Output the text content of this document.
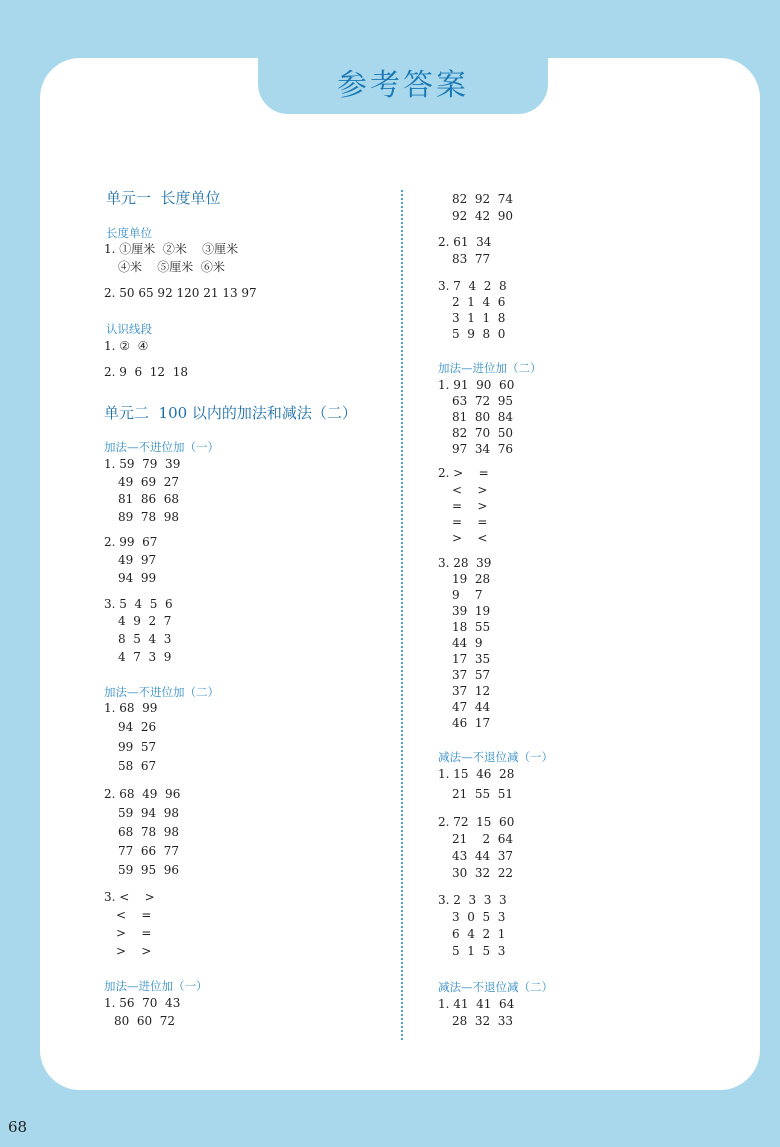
参考答案
单元一  长度单位
长度单位
1. ①厘米  ②米    ③厘米
④米    ⑤厘米  ⑥米
2. 50 65 92 120 21 13 97
认识线段
1. ②  ④
2. 9  6  12  18
单元二  100 以内的加法和减法（二）
加法—不进位加（一）
1. 59  79  39
49  69  27
81  86  68
89  78  98
2. 99  67
49  97
94  99
3. 5  4  5  6
4  9  2  7
8  5  4  3
4  7  3  9
加法—不进位加（二）
1. 68  99
94  26
99  57
58  67
2. 68  49  96
59  94  98
68  78  98
77  66  77
59  95  96
3. <    >
<    =
>    =
>    >
加法—进位加（一）
1. 56  70  43
80  60  72
82  92  74
92  42  90
2. 61  34
83  77
3. 7  4  2  8
2  1  4  6
3  1  1  8
5  9  8  0
加法—进位加（二）
1. 91  90  60
63  72  95
81  80  84
82  70  50
97  34  76
2. >    =
<    >
=    >
=    =
>    <
3. 28  39
19  28
9    7
39  19
18  55
44  9
17  35
37  57
37  12
47  44
46  17
减法—不退位减（一）
1. 15  46  28
21  55  51
2. 72  15  60
21    2  64
43  44  37
30  32  22
3. 2  3  3  3
3  0  5  3
6  4  2  1
5  1  5  3
减法—不退位减（二）
1. 41  41  64
28  32  33
68
